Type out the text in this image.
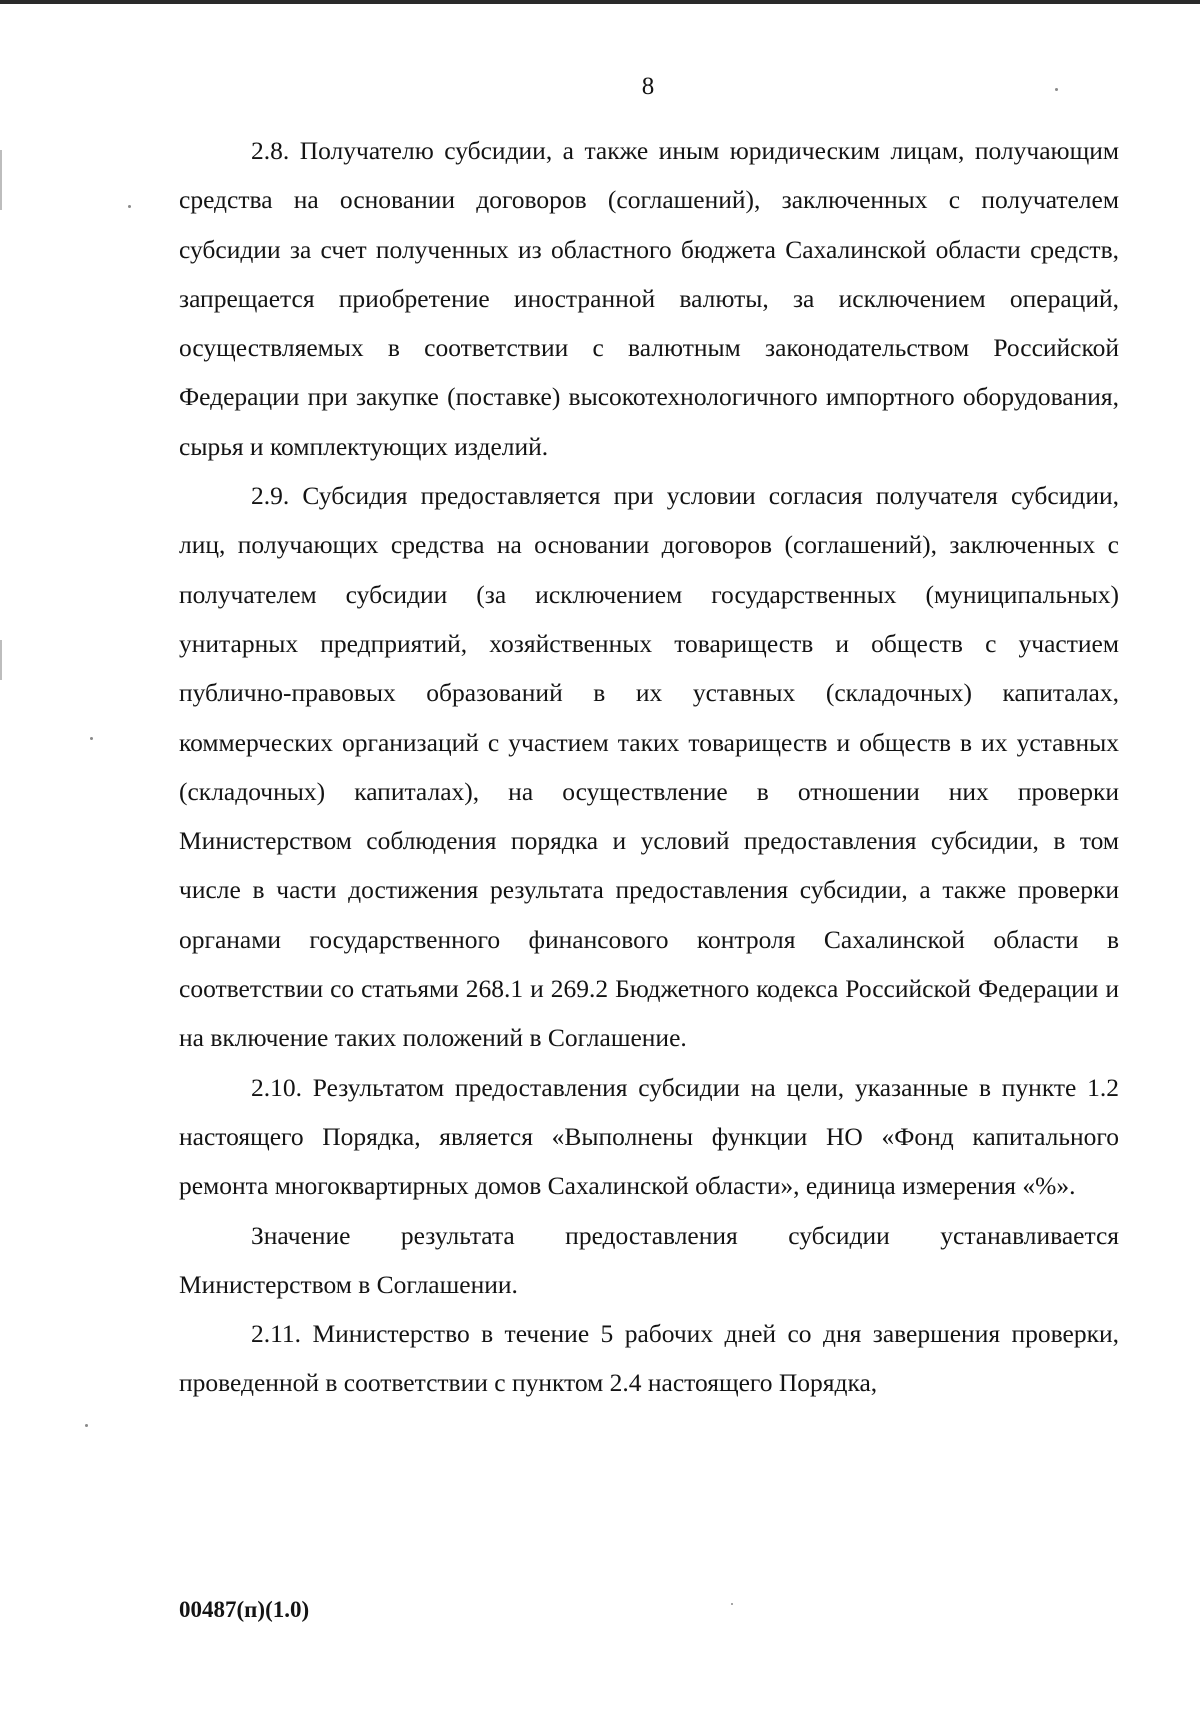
8

2.8. Получателю субсидии, а также иным юридическим лицам, получающим средства на основании договоров (соглашений), заключенных с получателем субсидии за счет полученных из областного бюджета Сахалинской области средств, запрещается приобретение иностранной валюты, за исключением операций, осуществляемых в соответствии с валютным законодательством Российской Федерации при закупке (поставке) высокотехнологичного импортного оборудования, сырья и комплектующих изделий.

2.9. Субсидия предоставляется при условии согласия получателя субсидии, лиц, получающих средства на основании договоров (соглашений), заключенных с получателем субсидии (за исключением государственных (муниципальных) унитарных предприятий, хозяйственных товариществ и обществ с участием публично-правовых образований в их уставных (складочных) капиталах, коммерческих организаций с участием таких товариществ и обществ в их уставных (складочных) капиталах), на осуществление в отношении них проверки Министерством соблюдения порядка и условий предоставления субсидии, в том числе в части достижения результата предоставления субсидии, а также проверки органами государственного финансового контроля Сахалинской области в соответствии со статьями 268.1 и 269.2 Бюджетного кодекса Российской Федерации и на включение таких положений в Соглашение.

2.10. Результатом предоставления субсидии на цели, указанные в пункте 1.2 настоящего Порядка, является «Выполнены функции НО «Фонд капитального ремонта многоквартирных домов Сахалинской области», единица измерения «%».

Значение результата предоставления субсидии устанавливается Министерством в Соглашении.

2.11. Министерство в течение 5 рабочих дней со дня завершения проверки, проведенной в соответствии с пунктом 2.4 настоящего Порядка,

00487(п)(1.0)
